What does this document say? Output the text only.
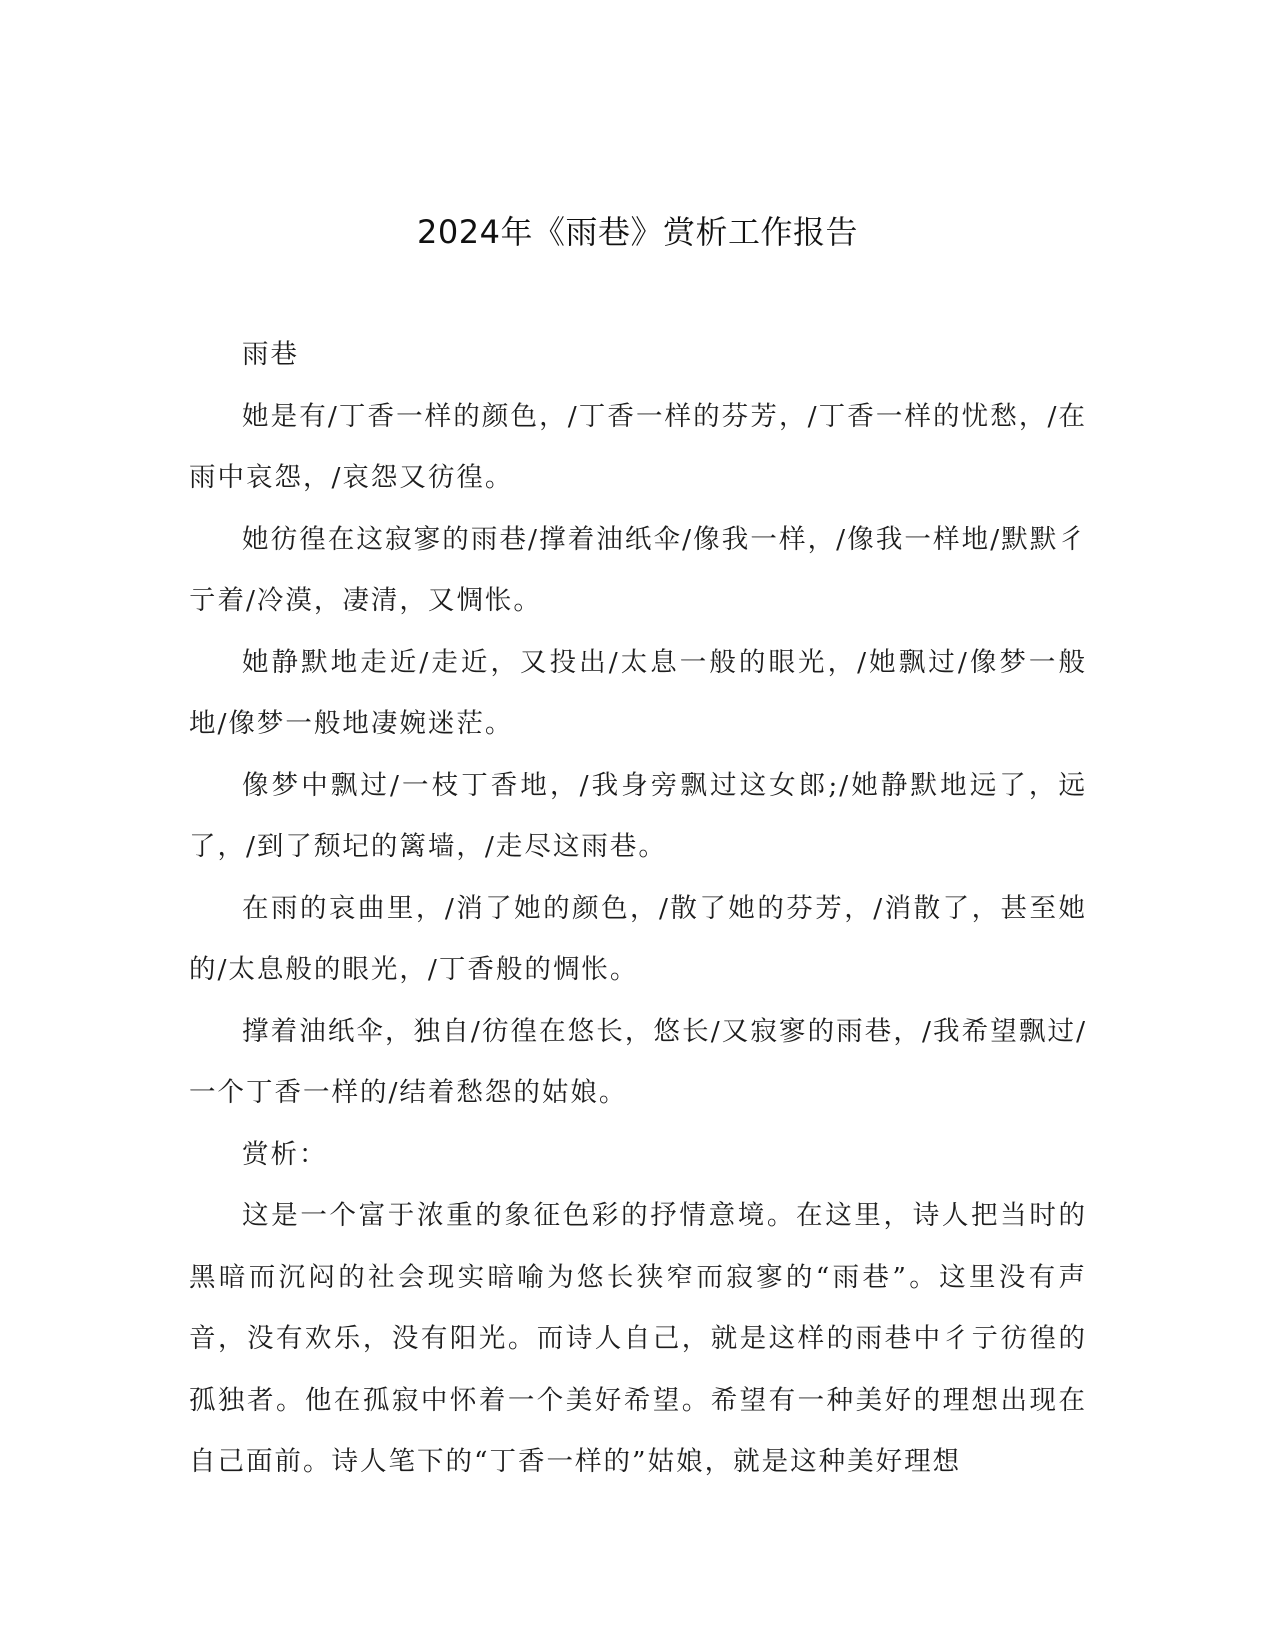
2024年《雨巷》赏析工作报告

雨巷

她是有/丁香一样的颜色，/丁香一样的芬芳，/丁香一样的忧愁，/在雨中哀怨，/哀怨又彷徨。

她彷徨在这寂寥的雨巷/撑着油纸伞/像我一样，/像我一样地/默默彳亍着/冷漠，凄清，又惆怅。

她静默地走近/走近，又投出/太息一般的眼光，/她飘过/像梦一般地/像梦一般地凄婉迷茫。

像梦中飘过/一枝丁香地，/我身旁飘过这女郎;/她静默地远了，远了，/到了颓圮的篱墙，/走尽这雨巷。

在雨的哀曲里，/消了她的颜色，/散了她的芬芳，/消散了，甚至她的/太息般的眼光，/丁香般的惆怅。

撑着油纸伞，独自/彷徨在悠长，悠长/又寂寥的雨巷，/我希望飘过/一个丁香一样的/结着愁怨的姑娘。

赏析：

这是一个富于浓重的象征色彩的抒情意境。在这里，诗人把当时的黑暗而沉闷的社会现实暗喻为悠长狭窄而寂寥的“雨巷”。这里没有声音，没有欢乐，没有阳光。而诗人自己，就是这样的雨巷中彳亍彷徨的孤独者。他在孤寂中怀着一个美好希望。希望有一种美好的理想出现在自己面前。诗人笔下的“丁香一样的”姑娘，就是这种美好理想
